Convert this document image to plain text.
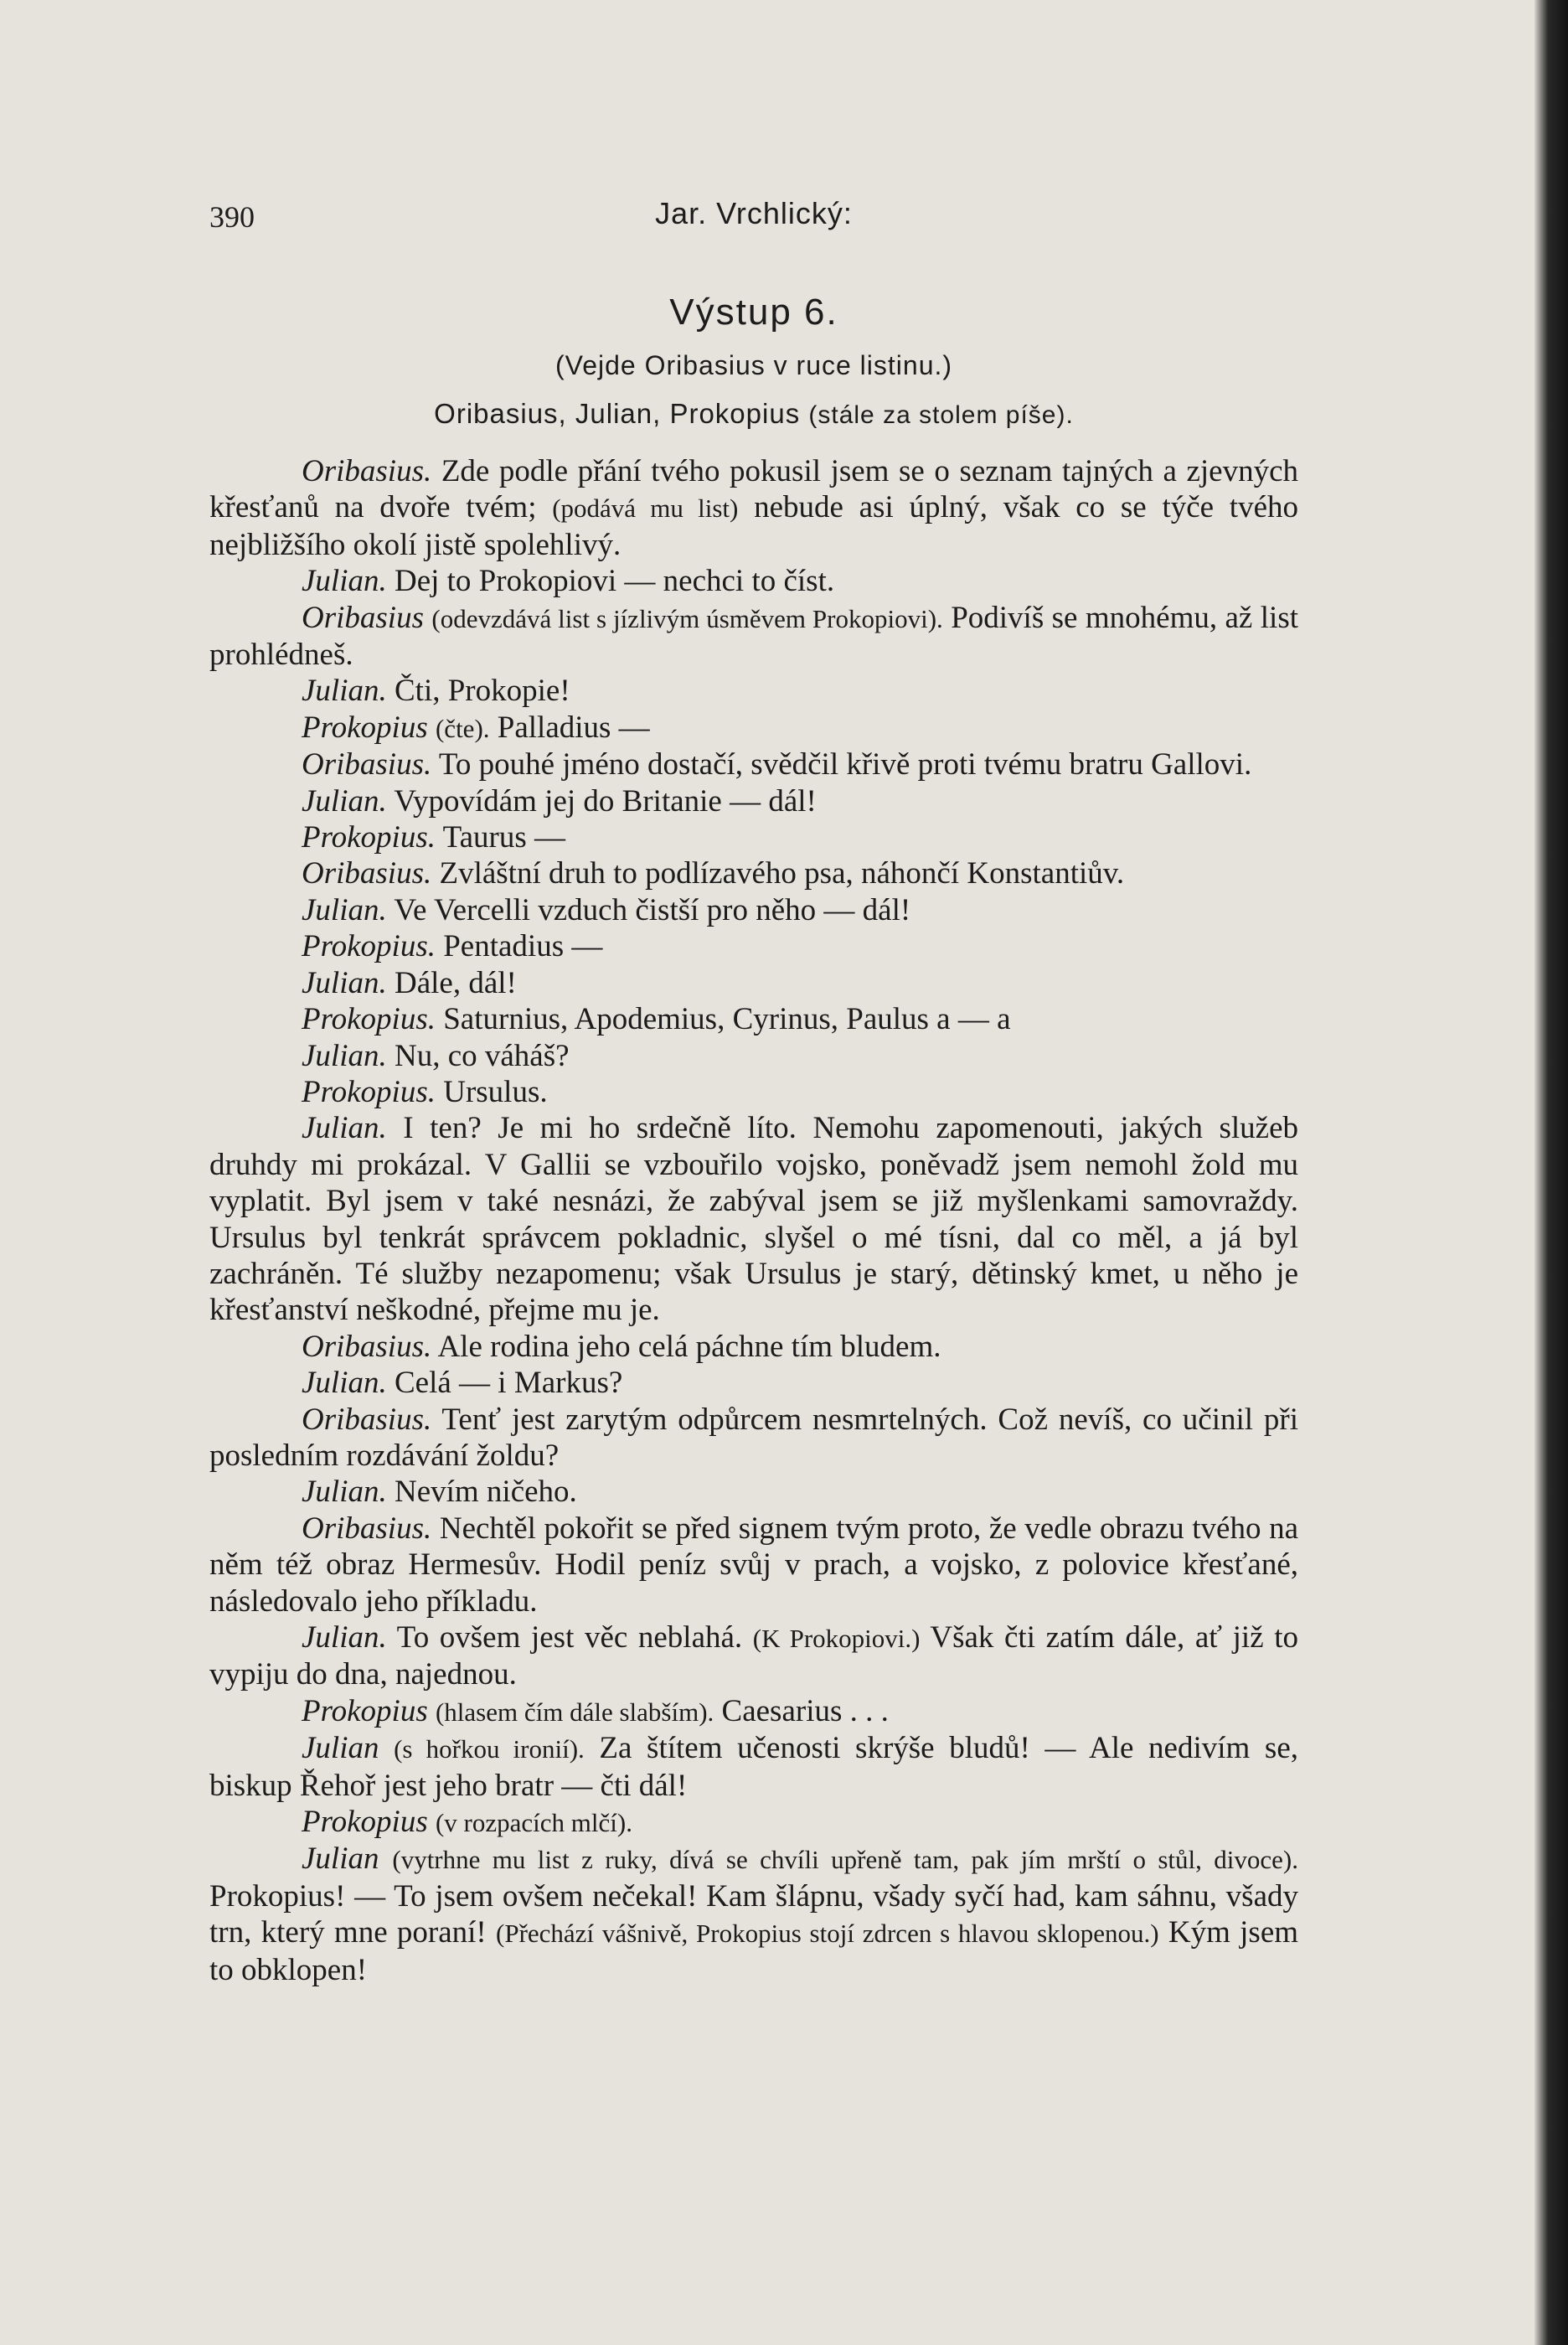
390	Jar. Vrchlický:
Výstup 6.
(Vejde Oribasius v ruce listinu.)
Oribasius, Julian, Prokopius (stále za stolem píše).

Oribasius. Zde podle přání tvého pokusil jsem se o seznam tajných a zjevných křesťanů na dvoře tvém; (podává mu list) nebude asi úplný, však co se týče tvého nejbližšího okolí jistě spolehlivý.

Julian. Dej to Prokopiovi — nechci to číst.

Oribasius (odevzdává list s jízlivým úsměvem Prokopiovi). Podivíš se mnohému, až list prohlédneš.

Julian. Čti, Prokopie!

Prokopius (čte). Palladius —

Oribasius. To pouhé jméno dostačí, svědčil křivě proti tvému bratru Gallovi.

Julian. Vypovídám jej do Britanie — dál!

Prokopius. Taurus —

Oribasius. Zvláštní druh to podlízavého psa, náhončí Konstantiův.

Julian. Ve Vercelli vzduch čistší pro něho — dál!

Prokopius. Pentadius —

Julian. Dále, dál!

Prokopius. Saturnius, Apodemius, Cyrinus, Paulus a — a

Julian. Nu, co váháš?

Prokopius. Ursulus.

Julian. I ten? Je mi ho srdečně líto. Nemohu zapomenouti, jakých služeb druhdy mi prokázal. V Gallii se vzbouřilo vojsko, poněvadž jsem nemohl žold mu vyplatit. Byl jsem v také nesnázi, že zabýval jsem se již myšlenkami samovraždy. Ursulus byl tenkrát správcem pokladnic, slyšel o mé tísni, dal co měl, a já byl zachráněn. Té služby nezapomenu; však Ursulus je starý, dětinský kmet, u něho je křesťanství neškodné, přejme mu je.

Oribasius. Ale rodina jeho celá páchne tím bludem.

Julian. Celá — i Markus?

Oribasius. Tenť jest zarytým odpůrcem nesmrtelných. Což nevíš, co učinil při posledním rozdávání žoldu?

Julian. Nevím ničeho.

Oribasius. Nechtěl pokořit se před signem tvým proto, že vedle obrazu tvého na něm též obraz Hermesův. Hodil peníz svůj v prach, a vojsko, z polovice křesťané, následovalo jeho příkladu.

Julian. To ovšem jest věc neblahá. (K Prokopiovi.) Však čti zatím dále, ať již to vypiju do dna, najednou.

Prokopius (hlasem čím dále slabším). Caesarius . . .

Julian (s hořkou ironií). Za štítem učenosti skrýše bludů! — Ale nedivím se, biskup Řehoř jest jeho bratr — čti dál!

Prokopius (v rozpacích mlčí).

Julian (vytrhne mu list z ruky, dívá se chvíli upřeně tam, pak jím mrští o stůl, divoce). Prokopius! — To jsem ovšem nečekal! Kam šlápnu, všady syčí had, kam sáhnu, všady trn, který mne poraní! (Přechází vášnivě, Prokopius stojí zdrcen s hlavou sklopenou.) Kým jsem to obklopen!
